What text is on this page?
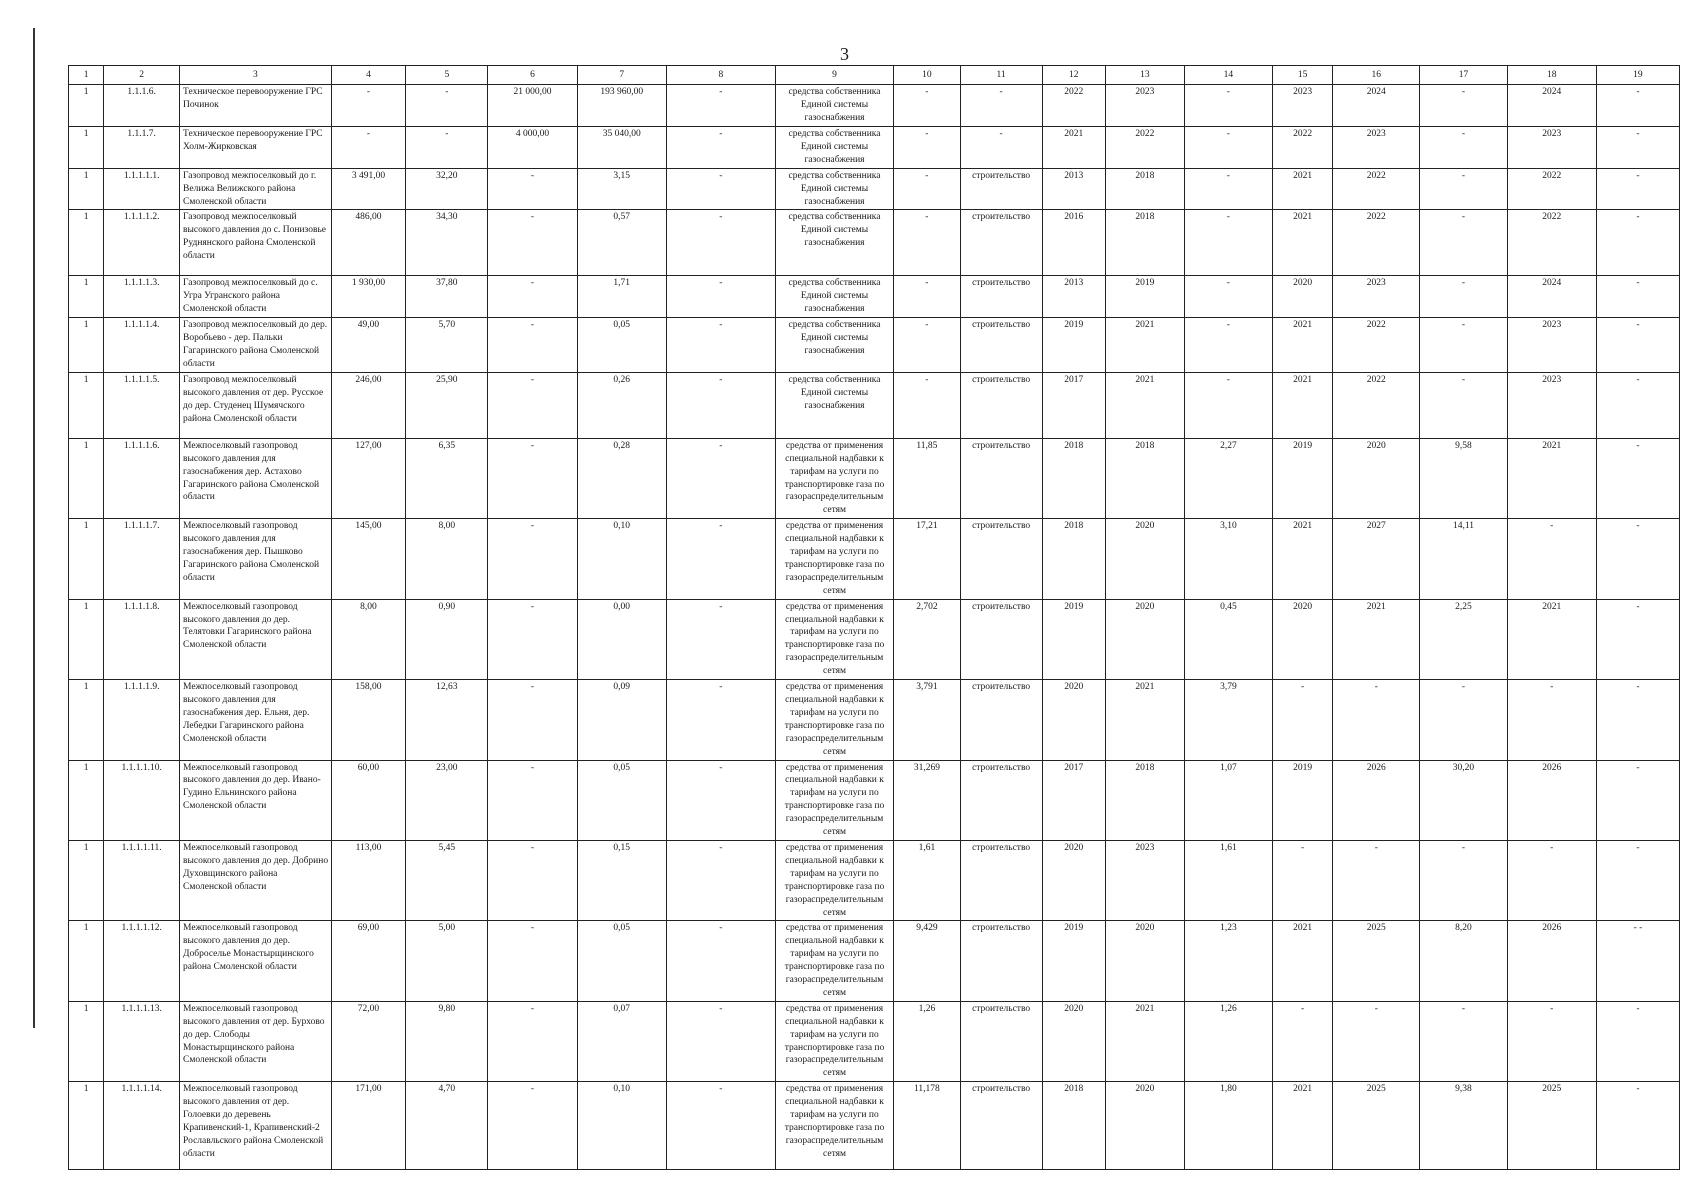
3
1	2	3	4	5	6	7	8	9	10	11	12	13	14	15	16	17	18	19
1	1.1.1.6.	Техническое перевооружение ГРС Починок	-	-	21 000,00	193 960,00	-	средства собственника Единой системы газоснабжения	-	-	2022	2023	-	2023	2024	-	2024	-
1	1.1.1.7.	Техническое перевооружение ГРС Холм-Жирковская	-	-	4 000,00	35 040,00	-	средства собственника Единой системы газоснабжения	-	-	2021	2022	-	2022	2023	-	2023	-
1	1.1.1.1.1.	Газопровод межпоселковый до г. Велижа Велижского района Смоленской области	3 491,00	32,20	-	3,15	-	средства собственника Единой системы газоснабжения	-	строительство	2013	2018	-	2021	2022	-	2022	-
1	1.1.1.1.2.	Газопровод межпоселковый высокого давления до с. Понизовье Руднянского района Смоленской области	486,00	34,30	-	0,57	-	средства собственника Единой системы газоснабжения	-	строительство	2016	2018	-	2021	2022	-	2022	-
1	1.1.1.1.3.	Газопровод межпоселковый до с. Угра Угранского района Смоленской области	1 930,00	37,80	-	1,71	-	средства собственника Единой системы газоснабжения	-	строительство	2013	2019	-	2020	2023	-	2024	-
1	1.1.1.1.4.	Газопровод межпоселковый до дер. Воробьево - дер. Пальки Гагаринского района Смоленской области	49,00	5,70	-	0,05	-	средства собственника Единой системы газоснабжения	-	строительство	2019	2021	-	2021	2022	-	2023	-
1	1.1.1.1.5.	Газопровод межпоселковый высокого давления от дер. Русское до дер. Студенец Шумячского района Смоленской области	246,00	25,90	-	0,26	-	средства собственника Единой системы газоснабжения	-	строительство	2017	2021	-	2021	2022	-	2023	-
1	1.1.1.1.6.	Межпоселковый газопровод высокого давления для газоснабжения дер. Астахово Гагаринского района Смоленской области	127,00	6,35	-	0,28	-	средства от применения специальной надбавки к тарифам на услуги по транспортировке газа по газораспределительным сетям	11,85	строительство	2018	2018	2,27	2019	2020	9,58	2021	-
1	1.1.1.1.7.	Межпоселковый газопровод высокого давления для газоснабжения дер. Пышково Гагаринского района Смоленской области	145,00	8,00	-	0,10	-	средства от применения специальной надбавки к тарифам на услуги по транспортировке газа по газораспределительным сетям	17,21	строительство	2018	2020	3,10	2021	2027	14,11	-	-
1	1.1.1.1.8.	Межпоселковый газопровод высокого давления до дер. Телятовки Гагаринского района Смоленской области	8,00	0,90	-	0,00	-	средства от применения специальной надбавки к тарифам на услуги по транспортировке газа по газораспределительным сетям	2,702	строительство	2019	2020	0,45	2020	2021	2,25	2021	-
1	1.1.1.1.9.	Межпоселковый газопровод высокого давления для газоснабжения дер. Ельня, дер. Лебедки Гагаринского района Смоленской области	158,00	12,63	-	0,09	-	средства от применения специальной надбавки к тарифам на услуги по транспортировке газа по газораспределительным сетям	3,791	строительство	2020	2021	3,79	-	-	-	-	-
1	1.1.1.1.10.	Межпоселковый газопровод высокого давления до дер. Ивано-Гудино Ельнинского района Смоленской области	60,00	23,00	-	0,05	-	средства от применения специальной надбавки к тарифам на услуги по транспортировке газа по газораспределительным сетям	31,269	строительство	2017	2018	1,07	2019	2026	30,20	2026	-
1	1.1.1.1.11.	Межпоселковый газопровод высокого давления до дер. Добрино Духовщинского района Смоленской области	113,00	5,45	-	0,15	-	средства от применения специальной надбавки к тарифам на услуги по транспортировке газа по газораспределительным сетям	1,61	строительство	2020	2023	1,61	-	-	-	-	-
1	1.1.1.1.12.	Межпоселковый газопровод высокого давления до дер. Доброселье Монастырщинского района Смоленской области	69,00	5,00	-	0,05	-	средства от применения специальной надбавки к тарифам на услуги по транспортировке газа по газораспределительным сетям	9,429	строительство	2019	2020	1,23	2021	2025	8,20	2026	- -
1	1.1.1.1.13.	Межпоселковый газопровод высокого давления от дер. Бурхово до дер. Слободы Монастырщинского района Смоленской области	72,00	9,80	-	0,07	-	средства от применения специальной надбавки к тарифам на услуги по транспортировке газа по газораспределительным сетям	1,26	строительство	2020	2021	1,26	-	-	-	-	-
1	1.1.1.1.14.	Межпоселковый газопровод высокого давления от дер. Голоевки до деревень Крапивенский-1, Крапивенский-2 Рославльского района Смоленской области	171,00	4,70	-	0,10	-	средства от применения специальной надбавки к тарифам на услуги по транспортировке газа по газораспределительным сетям	11,178	строительство	2018	2020	1,80	2021	2025	9,38	2025	-
